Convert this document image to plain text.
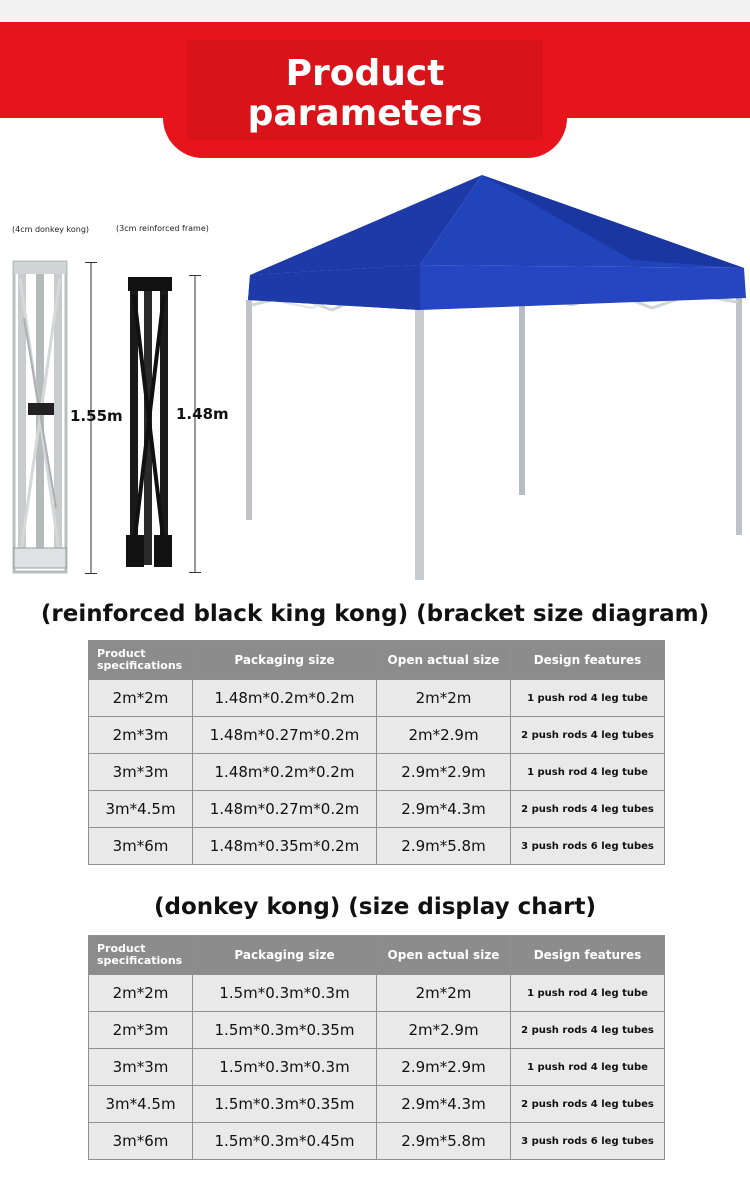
Product
parameters
(4cm donkey kong)	(3cm reinforced frame)
1.55m	1.48m
(reinforced black king kong) (bracket size diagram)
Product specifications	Packaging size	Open actual size	Design features
2m*2m	1.48m*0.2m*0.2m	2m*2m	1 push rod 4 leg tube
2m*3m	1.48m*0.27m*0.2m	2m*2.9m	2 push rods 4 leg tubes
3m*3m	1.48m*0.2m*0.2m	2.9m*2.9m	1 push rod 4 leg tube
3m*4.5m	1.48m*0.27m*0.2m	2.9m*4.3m	2 push rods 4 leg tubes
3m*6m	1.48m*0.35m*0.2m	2.9m*5.8m	3 push rods 6 leg tubes
(donkey kong) (size display chart)
Product specifications	Packaging size	Open actual size	Design features
2m*2m	1.5m*0.3m*0.3m	2m*2m	1 push rod 4 leg tube
2m*3m	1.5m*0.3m*0.35m	2m*2.9m	2 push rods 4 leg tubes
3m*3m	1.5m*0.3m*0.3m	2.9m*2.9m	1 push rod 4 leg tube
3m*4.5m	1.5m*0.3m*0.35m	2.9m*4.3m	2 push rods 4 leg tubes
3m*6m	1.5m*0.3m*0.45m	2.9m*5.8m	3 push rods 6 leg tubes
